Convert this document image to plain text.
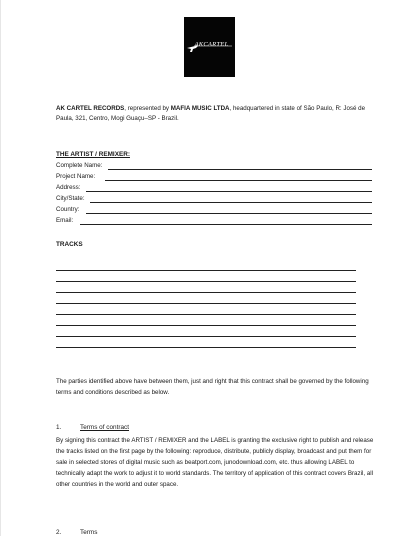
AKCARTEL
AK CARTEL RECORDS, represented by MAFIA MUSIC LTDA, headquartered in state of São Paulo, R: José de Paula, 321, Centro, Mogi Guaçu–SP - Brazil.
THE ARTIST / REMIXER:
Complete Name:
Project Name:
Address:
City/State:
Country:
Email:
TRACKS
The parties identified above have between them, just and right that this contract shall be governed by the following terms and conditions described as below.
1.	Terms of contract
By signing this contract the ARTIST / REMIXER and the LABEL is granting the exclusive right to publish and release the tracks listed on the first page by the following: reproduce, distribute, publicly display, broadcast and put them for sale in selected stores of digital music such as beatport.com, junodownload.com, etc. thus allowing LABEL to technically adapt the work to adjust it to world standards. The territory of application of this contract covers Brazil, all other countries in the world and outer space.
2.	Terms
